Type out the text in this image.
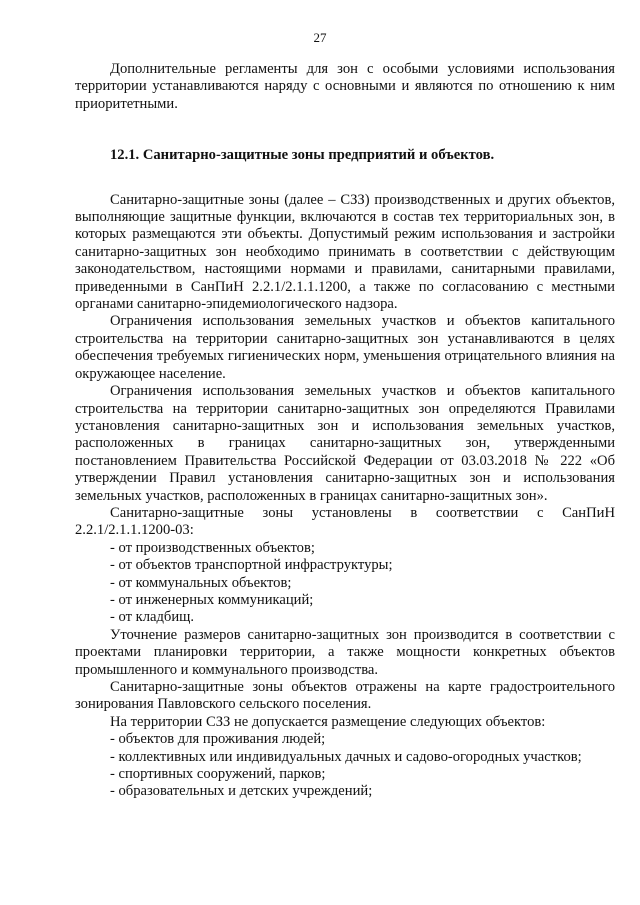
27

Дополнительные регламенты для зон с особыми условиями использования территории устанавливаются наряду с основными и являются по отношению к ним приоритетными.

12.1. Санитарно-защитные зоны предприятий и объектов.

Санитарно-защитные зоны (далее – СЗЗ) производственных и других объектов, выполняющие защитные функции, включаются в состав тех территориальных зон, в которых размещаются эти объекты. Допустимый режим использования и застройки санитарно-защитных зон необходимо принимать в соответствии с действующим законодательством, настоящими нормами и правилами, санитарными правилами, приведенными в СанПиН 2.2.1/2.1.1.1200, а также по согласованию с местными органами санитарно-эпидемиологического надзора.

Ограничения использования земельных участков и объектов капитального строительства на территории санитарно-защитных зон устанавливаются в целях обеспечения требуемых гигиенических норм, уменьшения отрицательного влияния на окружающее население.

Ограничения использования земельных участков и объектов капитального строительства на территории санитарно-защитных зон определяются Правилами установления санитарно-защитных зон и использования земельных участков, расположенных в границах санитарно-защитных зон, утвержденными постановлением Правительства Российской Федерации от 03.03.2018 № 222 «Об утверждении Правил установления санитарно-защитных зон и использования земельных участков, расположенных в границах санитарно-защитных зон».

Санитарно-защитные зоны установлены в соответствии с СанПиН 2.2.1/2.1.1.1200-03:

- от производственных объектов;

- от объектов транспортной инфраструктуры;

- от коммунальных объектов;

- от инженерных коммуникаций;

- от кладбищ.

Уточнение размеров санитарно-защитных зон производится в соответствии с проектами планировки территории, а также мощности конкретных объектов промышленного и коммунального производства.

Санитарно-защитные зоны объектов отражены на карте градостроительного зонирования Павловского сельского поселения.

На территории СЗЗ не допускается размещение следующих объектов:

- объектов для проживания людей;

- коллективных или индивидуальных дачных и садово-огородных участков;

- спортивных сооружений, парков;

- образовательных и детских учреждений;
